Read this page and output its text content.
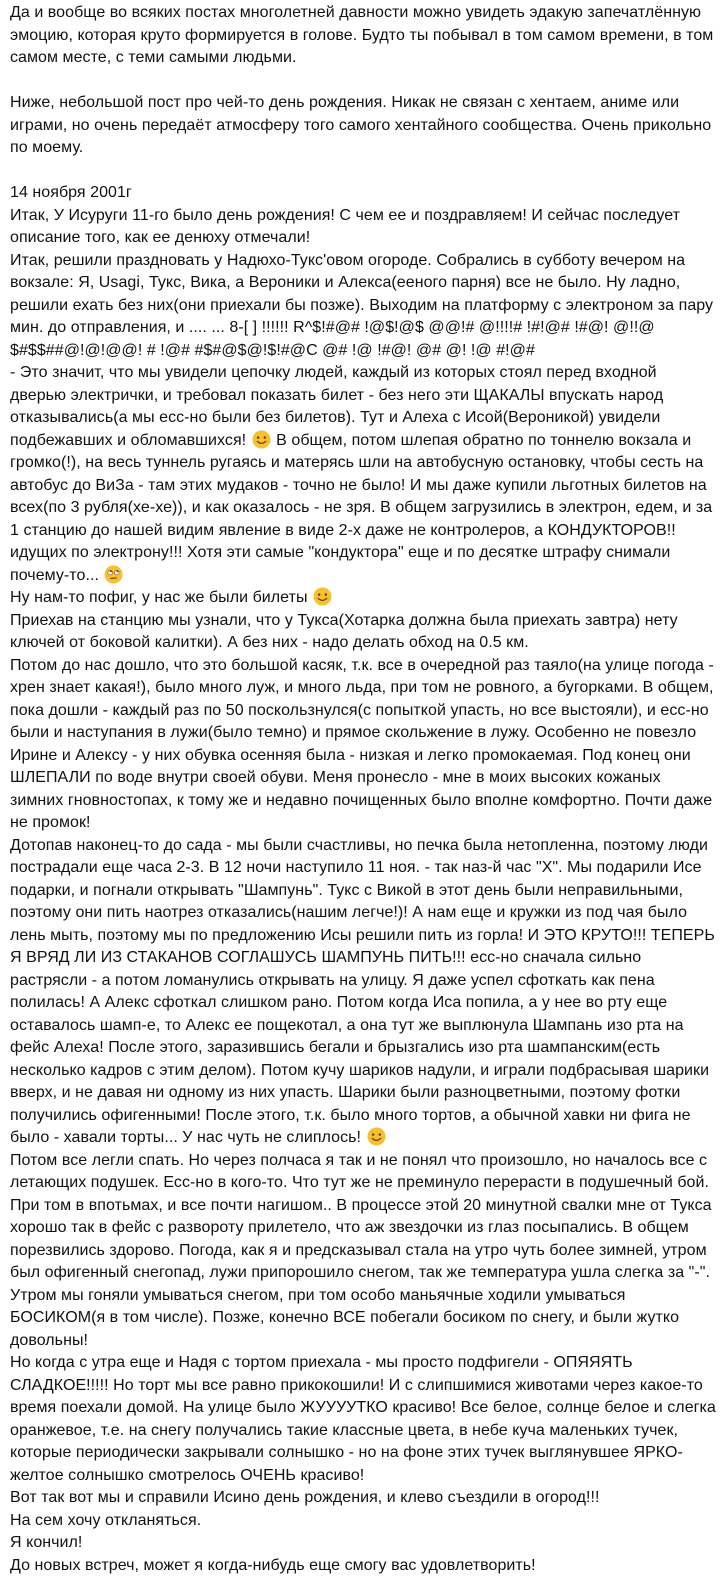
Да и вообще во всяких постах многолетней давности можно увидеть эдакую запечатлённую эмоцию, которая круто формируется в голове. Будто ты побывал в том самом времени, в том самом месте, с теми самыми людьми.

Ниже, небольшой пост про чей-то день рождения. Никак не связан с хентаем, аниме или играми, но очень передаёт атмосферу того самого хентайного сообщества. Очень прикольно по моему.

14 ноября 2001г
Итак, У Исуруги 11-го было день рождения! С чем ее и поздравляем! И сейчас последует описание того, как ее денюху отмечали!
Итак, решили праздновать у Надюхо-Тукс'овом огороде. Собрались в субботу вечером на вокзале: Я, Usagi, Тукс, Вика, а Вероники и Алекса(ееного парня) все не было. Ну ладно, решили ехать без них(они приехали бы позже). Выходим на платформу с электроном за пару мин. до отправления, и .... ... 8-[ ] !!!!!! R^$!#@# !@$!@$ @@!# @!!!!# !#!@# !#@! @!!@ $#$$##@!@!@@! # !@# #$#@$@!$!#@C @# !@ !#@! @# @! !@ #!@#
- Это значит, что мы увидели цепочку людей, каждый из которых стоял перед входной дверью электрички, и требовал показать билет - без него эти ЩАКАЛЫ впускать народ отказывались(а мы есс-но были без билетов). Тут и Алеха с Исой(Вероникой) увидели подбежавших и обломавшихся! В общем, потом шлепая обратно по тоннелю вокзала и громко(!), на весь туннель ругаясь и матерясь шли на автобусную остановку, чтобы сесть на автобус до ВиЗа - там этих мудаков - точно не было! И мы даже купили льготных билетов на всех(по 3 рубля(хе-хе)), и как оказалось - не зря. В общем загрузились в электрон, едем, и за 1 станцию до нашей видим явление в виде 2-х даже не контролеров, а КОНДУКТОРОВ!! идущих по электрону!!! Хотя эти самые "кондуктора" еще и по десятке штрафу снимали почему-то...
Ну нам-то пофиг, у нас же были билеты
Приехав на станцию мы узнали, что у Тукса(Хотарка должна была приехать завтра) нету ключей от боковой калитки). А без них - надо делать обход на 0.5 км.
Потом до нас дошло, что это большой касяк, т.к. все в очередной раз таяло(на улице погода - хрен знает какая!), было много луж, и много льда, при том не ровного, а бугорками. В общем, пока дошли - каждый раз по 50 поскользнулся(с попыткой упасть, но все выстояли), и есс-но были и наступания в лужи(было темно) и прямое скольжение в лужу. Особенно не повезло Ирине и Алексу - у них обувка осенняя была - низкая и легко промокаемая. Под конец они ШЛЕПАЛИ по воде внутри своей обуви. Меня пронесло - мне в моих высоких кожаных зимних гновностопах, к тому же и недавно почищенных было вполне комфортно. Почти даже не промок!
Дотопав наконец-то до сада - мы были счастливы, но печка была нетопленна, поэтому люди пострадали еще часа 2-3. В 12 ночи наступило 11 ноя. - так наз-й час "Х". Мы подарили Исе подарки, и погнали открывать "Шампунь". Тукс с Викой в этот день были неправильными, поэтому они пить наотрез отказались(нашим легче!)! А нам еще и кружки из под чая было лень мыть, поэтому мы по предложению Исы решили пить из горла! И ЭТО КРУТО!!! ТЕПЕРЬ Я ВРЯД ЛИ ИЗ СТАКАНОВ СОГЛАШУСЬ ШАМПУНЬ ПИТЬ!!! есс-но сначала сильно растрясли - а потом ломанулись открывать на улицу. Я даже успел сфоткать как пена полилась! А Алекс сфоткал слишком рано. Потом когда Иса попила, а у нее во рту еще оставалось шамп-е, то Алекс ее пощекотал, а она тут же выплюнула Шампань изо рта на фейс Алеха! После этого, заразившись бегали и брызгались изо рта шампанским(есть несколько кадров с этим делом). Потом кучу шариков надули, и играли подбрасывая шарики вверх, и не давая ни одному из них упасть. Шарики были разноцветными, поэтому фотки получились офигенными! После этого, т.к. было много тортов, а обычной хавки ни фига не было - хавали торты... У нас чуть не слиплось!
Потом все легли спать. Но через полчаса я так и не понял что произошло, но началось все с летающих подушек. Есс-но в кого-то. Что тут же не преминуло перерасти в подушечный бой. При том в впотьмах, и все почти нагишом.. В процессе этой 20 минутной свалки мне от Тукса хорошо так в фейс с развороту прилетело, что аж звездочки из глаз посыпались. В общем порезвились здорово. Погода, как я и предсказывал стала на утро чуть более зимней, утром был офигенный снегопад, лужи припорошило снегом, так же температура ушла слегка за "-". Утром мы гоняли умываться снегом, при том особо маньячные ходили умываться БОСИКОМ(я в том числе). Позже, конечно ВСЕ побегали босиком по снегу, и были жутко довольны!
Но когда с утра еще и Надя с тортом приехала - мы просто подфигели - ОПЯЯЯТЬ СЛАДКОЕ!!!!! Но торт мы все равно прикокошили! И с слипшимися животами через какое-то время поехали домой. На улице было ЖУУУУТКО красиво! Все белое, солнце белое и слегка оранжевое, т.е. на снегу получались такие классные цвета, в небе куча маленьких тучек, которые периодически закрывали солнышко - но на фоне этих тучек выглянувшее ЯРКО-желтое солнышко смотрелось ОЧЕНЬ красиво!
Вот так вот мы и справили Исино день рождения, и клево съездили в огород!!!
На сем хочу откланяться.
Я кончил!
До новых встреч, может я когда-нибудь еще смогу вас удовлетворить!
